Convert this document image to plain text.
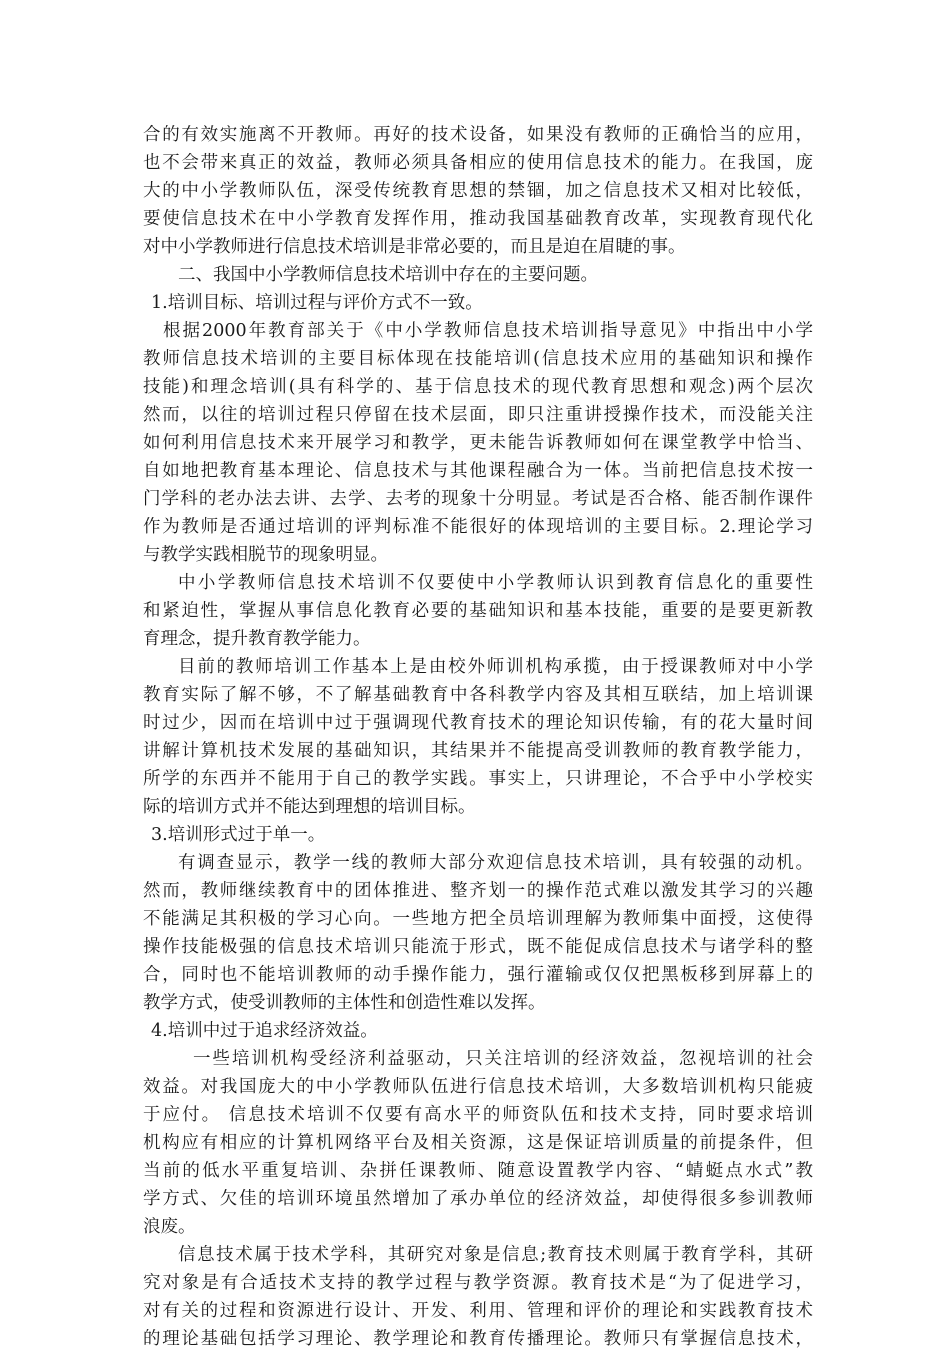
合的有效实施离不开教师。再好的技术设备，如果没有教师的正确恰当的应用，
也不会带来真正的效益，教师必须具备相应的使用信息技术的能力。在我国，庞
大的中小学教师队伍，深受传统教育思想的禁锢，加之信息技术又相对比较低，
要使信息技术在中小学教育发挥作用，推动我国基础教育改革，实现教育现代化
对中小学教师进行信息技术培训是非常必要的，而且是迫在眉睫的事。
二、我国中小学教师信息技术培训中存在的主要问题。
1.培训目标、培训过程与评价方式不一致。
根据2000年教育部关于《中小学教师信息技术培训指导意见》中指出中小学
教师信息技术培训的主要目标体现在技能培训(信息技术应用的基础知识和操作
技能)和理念培训(具有科学的、基于信息技术的现代教育思想和观念)两个层次
然而，以往的培训过程只停留在技术层面，即只注重讲授操作技术，而没能关注
如何利用信息技术来开展学习和教学，更未能告诉教师如何在课堂教学中恰当、
自如地把教育基本理论、信息技术与其他课程融合为一体。当前把信息技术按一
门学科的老办法去讲、去学、去考的现象十分明显。考试是否合格、能否制作课件
作为教师是否通过培训的评判标准不能很好的体现培训的主要目标。2.理论学习
与教学实践相脱节的现象明显。
中小学教师信息技术培训不仅要使中小学教师认识到教育信息化的重要性
和紧迫性，掌握从事信息化教育必要的基础知识和基本技能，重要的是要更新教
育理念，提升教育教学能力。
目前的教师培训工作基本上是由校外师训机构承揽，由于授课教师对中小学
教育实际了解不够，不了解基础教育中各科教学内容及其相互联结，加上培训课
时过少，因而在培训中过于强调现代教育技术的理论知识传输，有的花大量时间
讲解计算机技术发展的基础知识，其结果并不能提高受训教师的教育教学能力，
所学的东西并不能用于自己的教学实践。事实上，只讲理论，不合乎中小学校实
际的培训方式并不能达到理想的培训目标。
3.培训形式过于单一。
有调查显示，教学一线的教师大部分欢迎信息技术培训，具有较强的动机。
然而，教师继续教育中的团体推进、整齐划一的操作范式难以激发其学习的兴趣
不能满足其积极的学习心向。一些地方把全员培训理解为教师集中面授，这使得
操作技能极强的信息技术培训只能流于形式，既不能促成信息技术与诸学科的整
合，同时也不能培训教师的动手操作能力，强行灌输或仅仅把黑板移到屏幕上的
教学方式，使受训教师的主体性和创造性难以发挥。
4.培训中过于追求经济效益。
一些培训机构受经济利益驱动，只关注培训的经济效益，忽视培训的社会
效益。对我国庞大的中小学教师队伍进行信息技术培训，大多数培训机构只能疲
于应付。 信息技术培训不仅要有高水平的师资队伍和技术支持，同时要求培训
机构应有相应的计算机网络平台及相关资源，这是保证培训质量的前提条件，但
当前的低水平重复培训、杂拼任课教师、随意设置教学内容、“蜻蜓点水式”教
学方式、欠佳的培训环境虽然增加了承办单位的经济效益，却使得很多参训教师
浪废。
信息技术属于技术学科，其研究对象是信息;教育技术则属于教育学科，其研
究对象是有合适技术支持的教学过程与教学资源。教育技术是“为了促进学习，
对有关的过程和资源进行设计、开发、利用、管理和评价的理论和实践教育技术
的理论基础包括学习理论、教学理论和教育传播理论。教师只有掌握信息技术，
